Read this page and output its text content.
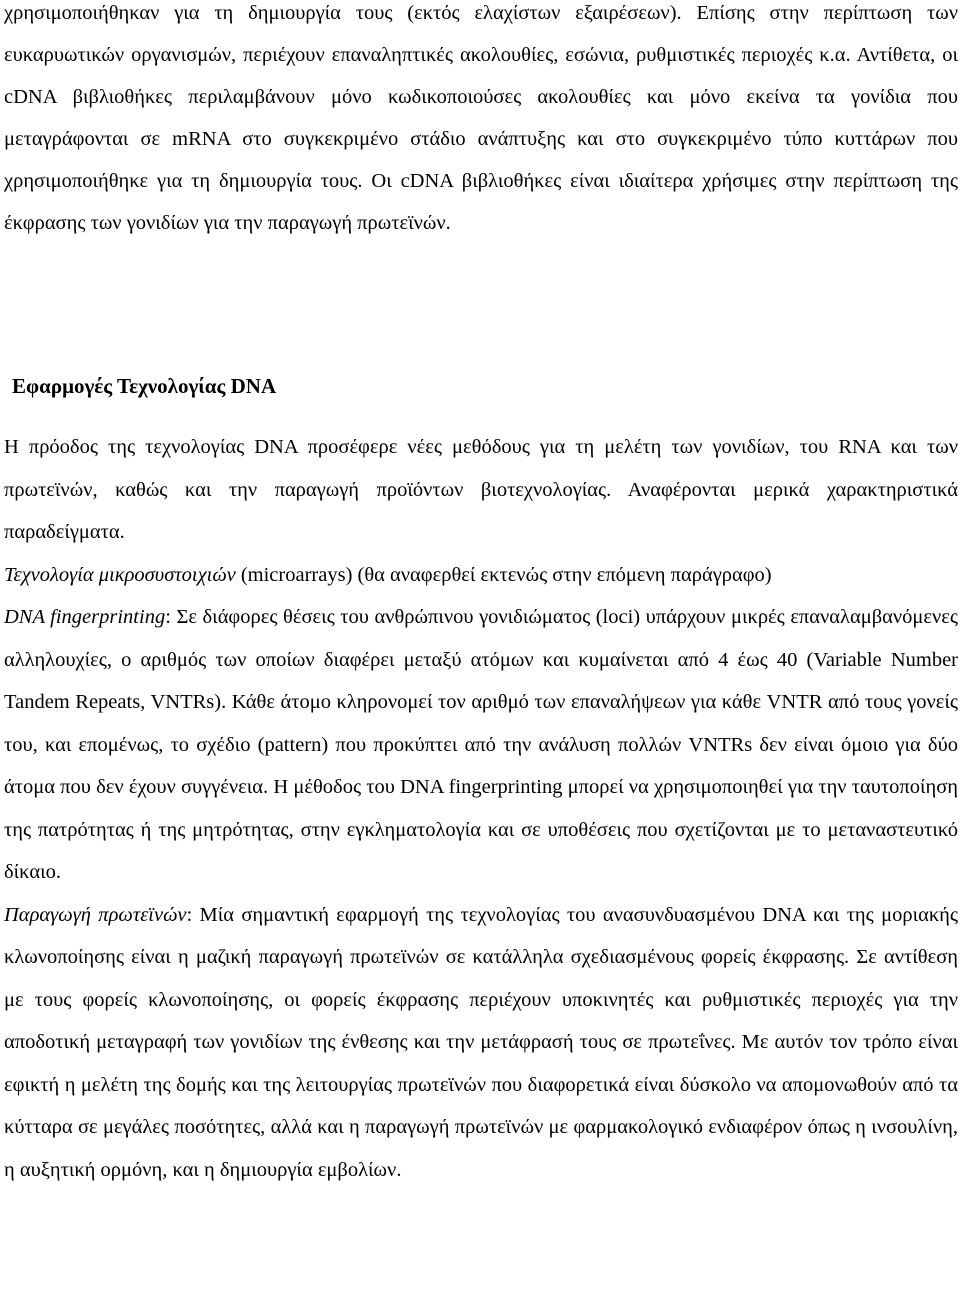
χρησιμοποιήθηκαν για τη δημιουργία τους (εκτός ελαχίστων εξαιρέσεων). Επίσης στην περίπτωση των ευκαρυωτικών οργανισμών, περιέχουν επαναληπτικές ακολουθίες, εσώνια, ρυθμιστικές περιοχές κ.α. Αντίθετα, οι cDNA βιβλιοθήκες περιλαμβάνουν μόνο κωδικοποιούσες ακολουθίες και μόνο εκείνα τα γονίδια που μεταγράφονται σε mRNA στο συγκεκριμένο στάδιο ανάπτυξης και στο συγκεκριμένο τύπο κυττάρων που χρησιμοποιήθηκε για τη δημιουργία τους. Οι cDNA βιβλιοθήκες είναι ιδιαίτερα χρήσιμες στην περίπτωση της έκφρασης των γονιδίων για την παραγωγή πρωτεϊνών.

Εφαρμογές Τεχνολογίας DNA

Η πρόοδος της τεχνολογίας DNA προσέφερε νέες μεθόδους για τη μελέτη των γονιδίων, του RNA και των πρωτεϊνών, καθώς και την παραγωγή προϊόντων βιοτεχνολογίας. Αναφέρονται μερικά χαρακτηριστικά παραδείγματα.

Τεχνολογία μικροσυστοιχιών (microarrays) (θα αναφερθεί εκτενώς στην επόμενη παράγραφο)

DNA fingerprinting: Σε διάφορες θέσεις του ανθρώπινου γονιδιώματος (loci) υπάρχουν μικρές επαναλαμβανόμενες αλληλουχίες, ο αριθμός των οποίων διαφέρει μεταξύ ατόμων και κυμαίνεται από 4 έως 40 (Variable Number Tandem Repeats, VNTRs). Κάθε άτομο κληρονομεί τον αριθμό των επαναλήψεων για κάθε VNTR από τους γονείς του, και επομένως, το σχέδιο (pattern) που προκύπτει από την ανάλυση πολλών VNTRs δεν είναι όμοιο για δύο άτομα που δεν έχουν συγγένεια. Η μέθοδος του DNA fingerprinting μπορεί να χρησιμοποιηθεί για την ταυτοποίηση της πατρότητας ή της μητρότητας, στην εγκληματολογία και σε υποθέσεις που σχετίζονται με το μεταναστευτικό δίκαιο.

Παραγωγή πρωτεϊνών: Μία σημαντική εφαρμογή της τεχνολογίας του ανασυνδυασμένου DNA και της μοριακής κλωνοποίησης είναι η μαζική παραγωγή πρωτεϊνών σε κατάλληλα σχεδιασμένους φορείς έκφρασης. Σε αντίθεση με τους φορείς κλωνοποίησης, οι φορείς έκφρασης περιέχουν υποκινητές και ρυθμιστικές περιοχές για την αποδοτική μεταγραφή των γονιδίων της ένθεσης και την μετάφρασή τους σε πρωτεΐνες. Με αυτόν τον τρόπο είναι εφικτή η μελέτη της δομής και της λειτουργίας πρωτεϊνών που διαφορετικά είναι δύσκολο να απομονωθούν από τα κύτταρα σε μεγάλες ποσότητες, αλλά και η παραγωγή πρωτεϊνών με φαρμακολογικό ενδιαφέρον όπως η ινσουλίνη, η αυξητική ορμόνη, και η δημιουργία εμβολίων.
